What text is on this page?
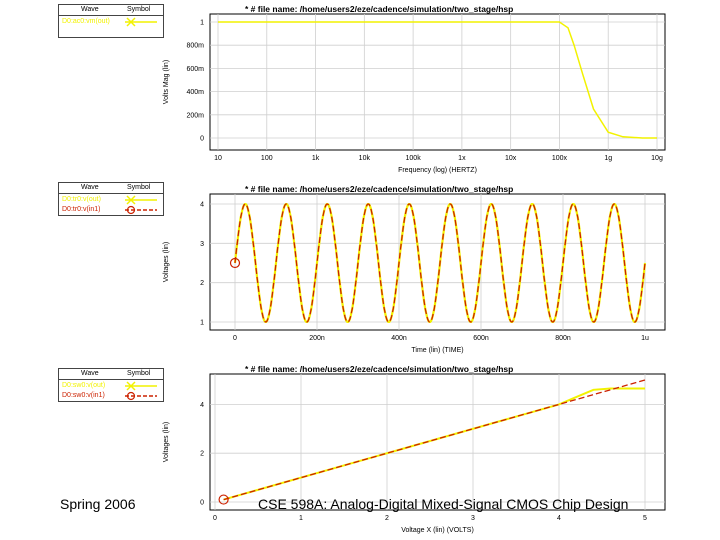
Wave	Symbol
D0:ac0:vm(out)
Wave	Symbol
D0:tr0:v(out)
D0:tr0:v(in1)
Wave	Symbol
D0:sw0:v(out)
D0:sw0:v(in1)
* # file name: /home/users2/eze/cadence/simulation/two_stage/hsp
* # file name: /home/users2/eze/cadence/simulation/two_stage/hsp
* # file name: /home/users2/eze/cadence/simulation/two_stage/hsp
10	100	1k	10k	100k	1x	10x	100x	1g	10g
0
200m
400m
600m
800m
1
Frequency (log) (HERTZ)
Volts Mag (lin)
0	200n	400n	600n	800n	1u
1
2
3
4
Time (lin) (TIME)
Voltages (lin)
0	1	2	3	4	5
0
2
4
Voltage X (lin) (VOLTS)
Voltages (lin)
Spring 2006	CSE 598A: Analog-Digital Mixed-Signal CMOS Chip Design
